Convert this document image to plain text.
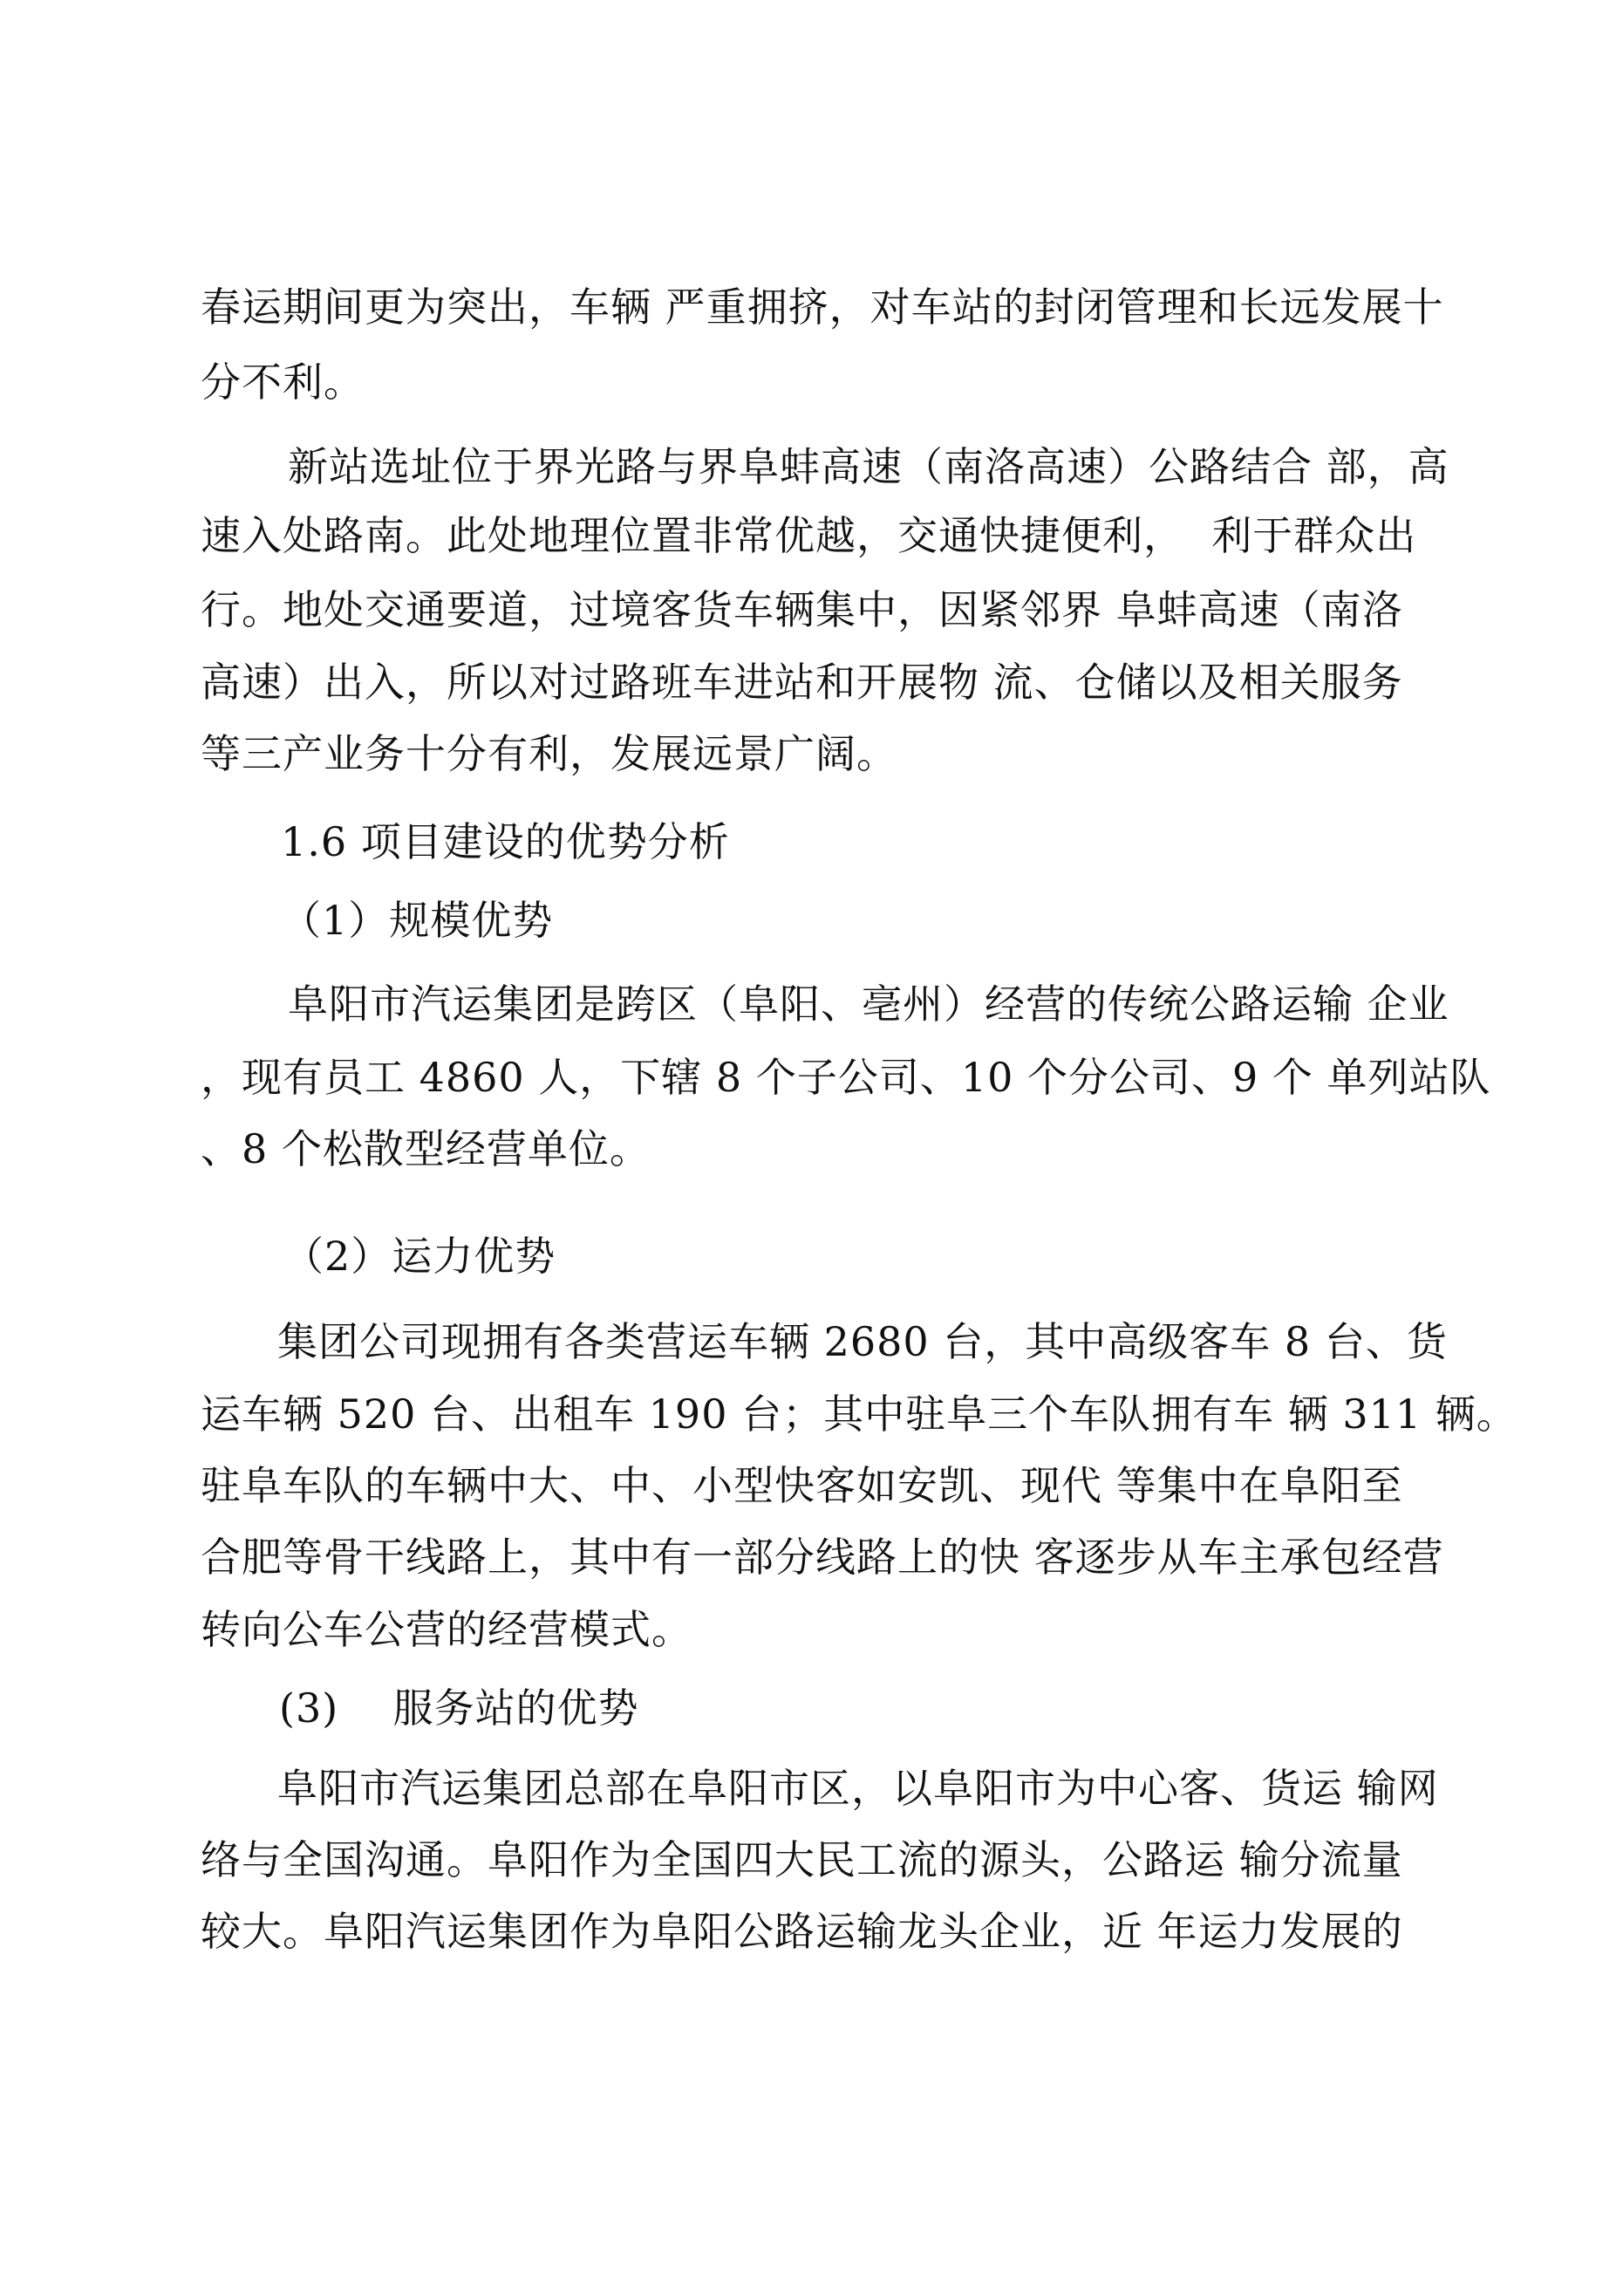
春运期间更为突出，车辆 严重拥挤，对车站的封闭管理和长远发展十
分不利。
新站选址位于界光路与界阜蚌高速（南洛高速）公路结合 部，高
速入处路南。此处地理位置非常优越，交通快捷便利，  利于群众出
行。地处交通要道，过境客货车辆集中，因紧邻界 阜蚌高速（南洛
高速）出入，所以对过路班车进站和开展物 流、仓储以及相关服务
等三产业务十分有利，发展远景广阔。
1.6 项目建设的优势分析
（1）规模优势
阜阳市汽运集团是跨区（阜阳、亳州）经营的传统公路运输 企业
，现有员工 4860 人，下辖 8 个子公司、10 个分公司、9 个 单列站队
、8 个松散型经营单位。
（2）运力优势
集团公司现拥有各类营运车辆 2680 台，其中高级客车 8 台、货
运车辆 520 台、出租车 190 台；其中驻阜三个车队拥有车 辆 311 辆。
驻阜车队的车辆中大、中、小型快客如安凯、现代 等集中在阜阳至
合肥等骨干线路上，其中有一部分线路上的快 客逐步从车主承包经营
转向公车公营的经营模式。
(3)    服务站的优势
阜阳市汽运集团总部在阜阳市区，以阜阳市为中心客、货运 输网
络与全国沟通。阜阳作为全国四大民工流的源头，公路运 输分流量
较大。阜阳汽运集团作为阜阳公路运输龙头企业，近 年运力发展的
